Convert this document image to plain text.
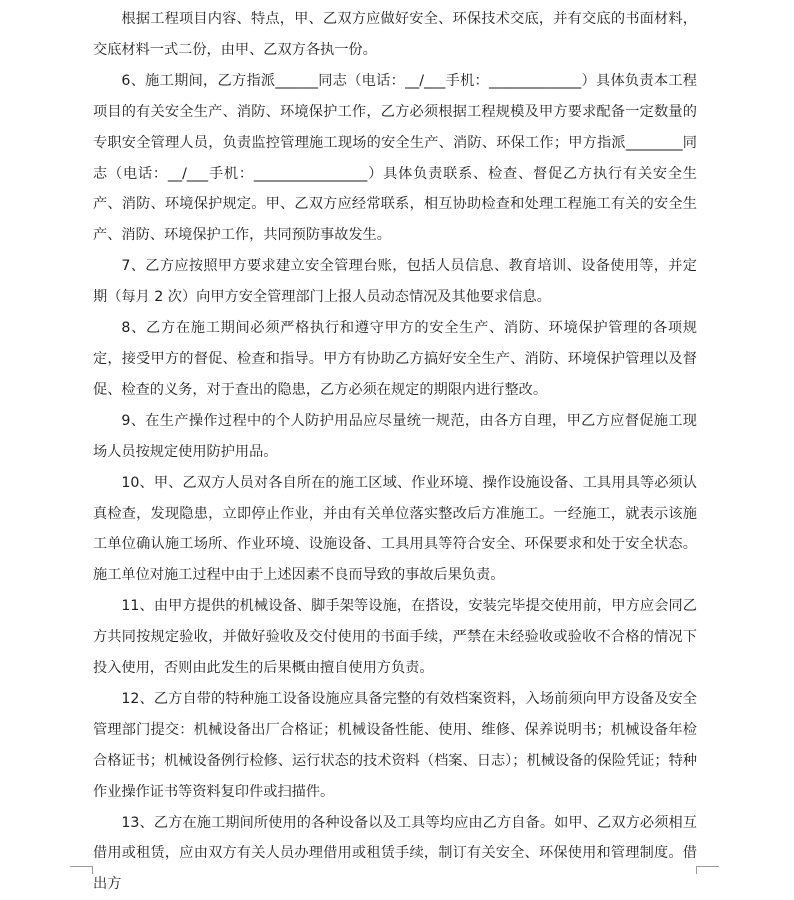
根据工程项目内容、特点，甲、乙双方应做好安全、环保技术交底，并有交底的书面材料，交底材料一式二份，由甲、乙双方各执一份。

6、施工期间，乙方指派______同志（电话：__/___手机：_____________）具体负责本工程项目的有关安全生产、消防、环境保护工作，乙方必须根据工程规模及甲方要求配备一定数量的专职安全管理人员，负责监控管理施工现场的安全生产、消防、环保工作；甲方指派________同志（电话：__/___手机：________________）具体负责联系、检查、督促乙方执行有关安全生产、消防、环境保护规定。甲、乙双方应经常联系，相互协助检查和处理工程施工有关的安全生产、消防、环境保护工作，共同预防事故发生。

7、乙方应按照甲方要求建立安全管理台账，包括人员信息、教育培训、设备使用等，并定期（每月 2 次）向甲方安全管理部门上报人员动态情况及其他要求信息。

8、乙方在施工期间必须严格执行和遵守甲方的安全生产、消防、环境保护管理的各项规定，接受甲方的督促、检查和指导。甲方有协助乙方搞好安全生产、消防、环境保护管理以及督促、检查的义务，对于查出的隐患，乙方必须在规定的期限内进行整改。

9、在生产操作过程中的个人防护用品应尽量统一规范，由各方自理，甲乙方应督促施工现场人员按规定使用防护用品。

10、甲、乙双方人员对各自所在的施工区域、作业环境、操作设施设备、工具用具等必须认真检查，发现隐患，立即停止作业，并由有关单位落实整改后方准施工。一经施工，就表示该施工单位确认施工场所、作业环境、设施设备、工具用具等符合安全、环保要求和处于安全状态。施工单位对施工过程中由于上述因素不良而导致的事故后果负责。

11、由甲方提供的机械设备、脚手架等设施，在搭设，安装完毕提交使用前，甲方应会同乙方共同按规定验收，并做好验收及交付使用的书面手续，严禁在未经验收或验收不合格的情况下投入使用，否则由此发生的后果概由擅自使用方负责。

12、乙方自带的特种施工设备设施应具备完整的有效档案资料，入场前须向甲方设备及安全管理部门提交：机械设备出厂合格证；机械设备性能、使用、维修、保养说明书；机械设备年检合格证书；机械设备例行检修、运行状态的技术资料（档案、日志）；机械设备的保险凭证；特种作业操作证书等资料复印件或扫描件。

13、乙方在施工期间所使用的各种设备以及工具等均应由乙方自备。如甲、乙双方必须相互借用或租赁，应由双方有关人员办理借用或租赁手续，制订有关安全、环保使用和管理制度。借出方
